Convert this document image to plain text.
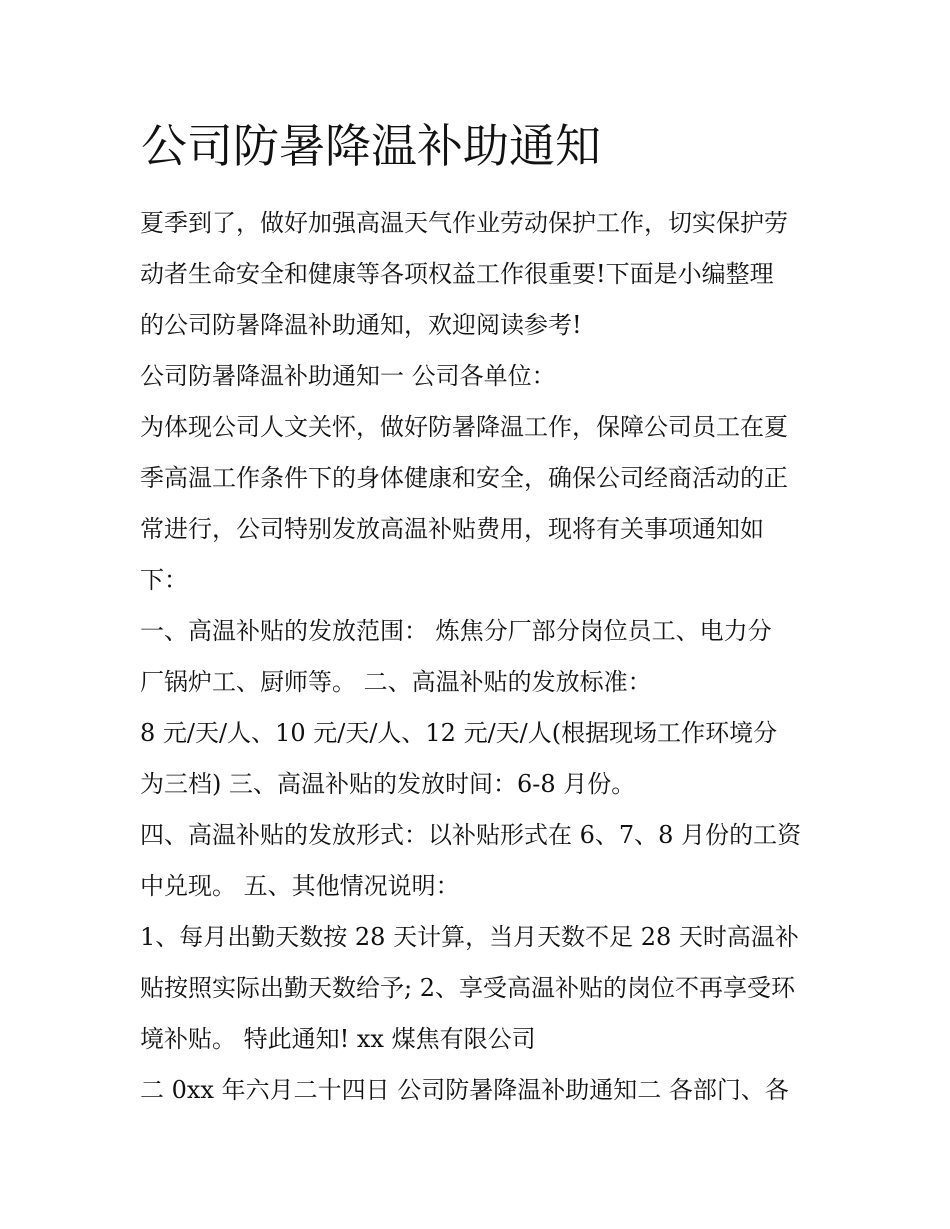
公司防暑降温补助通知
夏季到了，做好加强高温天气作业劳动保护工作，切实保护劳
动者生命安全和健康等各项权益工作很重要!下面是小编整理
的公司防暑降温补助通知，欢迎阅读参考!
公司防暑降温补助通知一 公司各单位：
为体现公司人文关怀，做好防暑降温工作，保障公司员工在夏
季高温工作条件下的身体健康和安全，确保公司经商活动的正
常进行，公司特别发放高温补贴费用，现将有关事项通知如
下：
一、高温补贴的发放范围： 炼焦分厂部分岗位员工、电力分
厂锅炉工、厨师等。 二、高温补贴的发放标准：
8 元/天/人、10 元/天/人、12 元/天/人(根据现场工作环境分
为三档) 三、高温补贴的发放时间：6-8 月份。
四、高温补贴的发放形式：以补贴形式在 6、7、8 月份的工资
中兑现。 五、其他情况说明：
1、每月出勤天数按 28 天计算，当月天数不足 28 天时高温补
贴按照实际出勤天数给予; 2、享受高温补贴的岗位不再享受环
境补贴。 特此通知! xx 煤焦有限公司
二 0xx 年六月二十四日 公司防暑降温补助通知二 各部门、各
